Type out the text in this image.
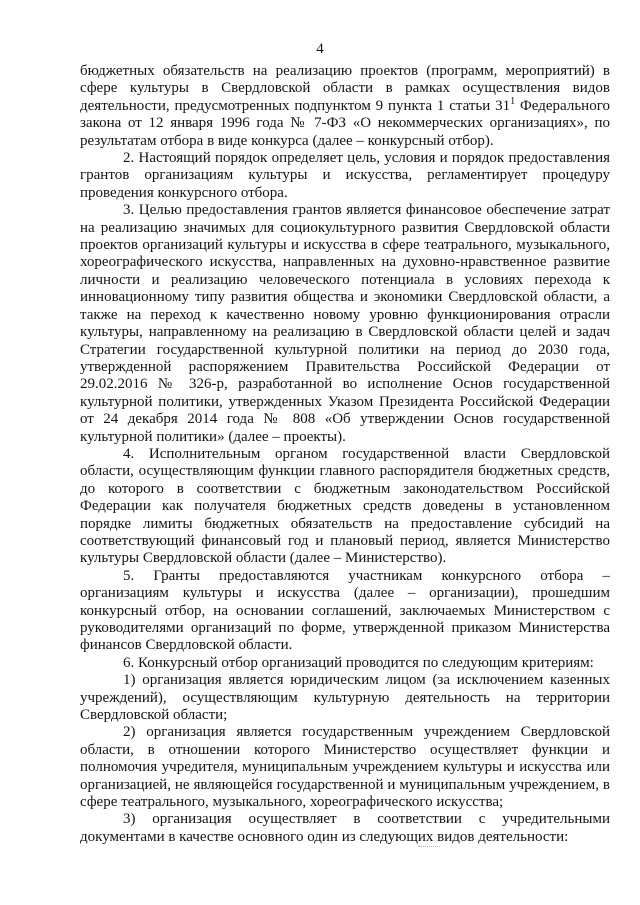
4

бюджетных обязательств на реализацию проектов (программ, мероприятий) в сфере культуры в Свердловской области в рамках осуществления видов деятельности, предусмотренных подпунктом 9 пункта 1 статьи 31$^1$ Федерального закона от 12 января 1996 года № 7-ФЗ «О некоммерческих организациях», по результатам отбора в виде конкурса (далее – конкурсный отбор).

2. Настоящий порядок определяет цель, условия и порядок предоставления грантов организациям культуры и искусства, регламентирует процедуру проведения конкурсного отбора.

3. Целью предоставления грантов является финансовое обеспечение затрат на реализацию значимых для социокультурного развития Свердловской области проектов организаций культуры и искусства в сфере театрального, музыкального, хореографического искусства, направленных на духовно-нравственное развитие личности и реализацию человеческого потенциала в условиях перехода к инновационному типу развития общества и экономики Свердловской области, а также на переход к качественно новому уровню функционирования отрасли культуры, направленному на реализацию в Свердловской области целей и задач Стратегии государственной культурной политики на период до 2030 года, утвержденной распоряжением Правительства Российской Федерации от 29.02.2016 № 326-р, разработанной во исполнение Основ государственной культурной политики, утвержденных Указом Президента Российской Федерации от 24 декабря 2014 года № 808 «Об утверждении Основ государственной культурной политики» (далее – проекты).

4. Исполнительным органом государственной власти Свердловской области, осуществляющим функции главного распорядителя бюджетных средств, до которого в соответствии с бюджетным законодательством Российской Федерации как получателя бюджетных средств доведены в установленном порядке лимиты бюджетных обязательств на предоставление субсидий на соответствующий финансовый год и плановый период, является Министерство культуры Свердловской области (далее – Министерство).

5. Гранты предоставляются участникам конкурсного отбора – организациям культуры и искусства (далее – организации), прошедшим конкурсный отбор, на основании соглашений, заключаемых Министерством с руководителями организаций по форме, утвержденной приказом Министерства финансов Свердловской области.

6. Конкурсный отбор организаций проводится по следующим критериям:

1) организация является юридическим лицом (за исключением казенных учреждений), осуществляющим культурную деятельность на территории Свердловской области;

2) организация является государственным учреждением Свердловской области, в отношении которого Министерство осуществляет функции и полномочия учредителя, муниципальным учреждением культуры и искусства или организацией, не являющейся государственной и муниципальным учреждением, в сфере театрального, музыкального, хореографического искусства;

3) организация осуществляет в соответствии с учредительными документами в качестве основного один из следующих видов деятельности:
